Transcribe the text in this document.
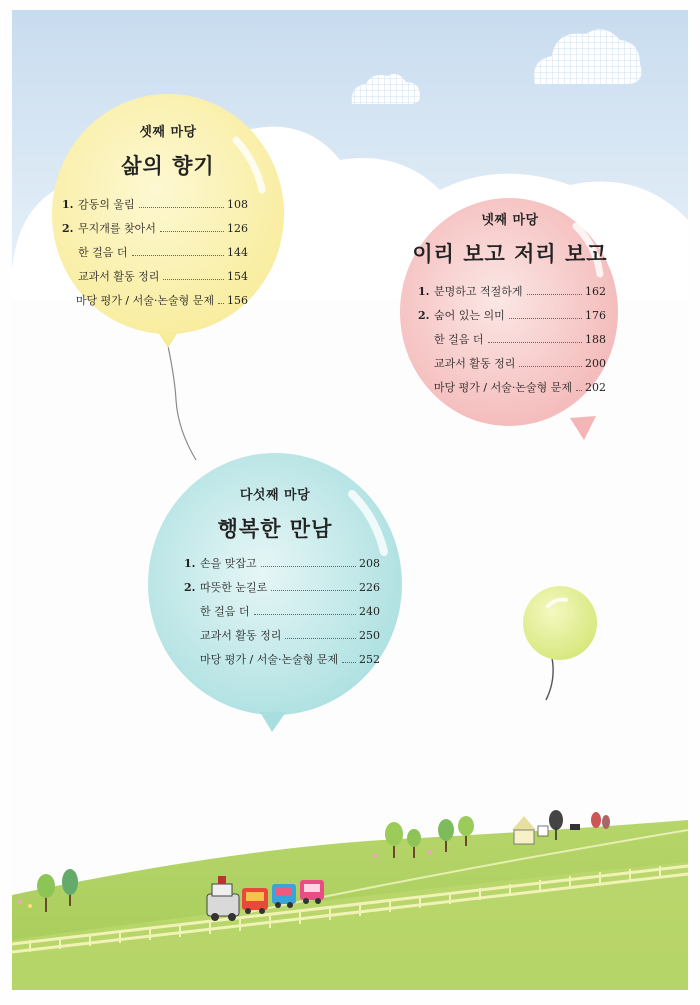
셋째 마당
삶의 향기
1. 감동의 울림	108
2. 무지개를 찾아서	126
한 걸음 더	144
교과서 활동 정리	154
마당 평가 / 서술·논술형 문제 156
넷째 마당
이리 보고 저리 보고
1. 분명하고 적절하게	162
2. 숨어 있는 의미	176
한 걸음 더	188
교과서 활동 정리	200
마당 평가 / 서술·논술형 문제 202
다섯째 마당
행복한 만남
1. 손을 맞잡고	208
2. 따뜻한 눈길로	226
한 걸음 더	240
교과서 활동 정리	250
마당 평가 / 서술·논술형 문제 252
